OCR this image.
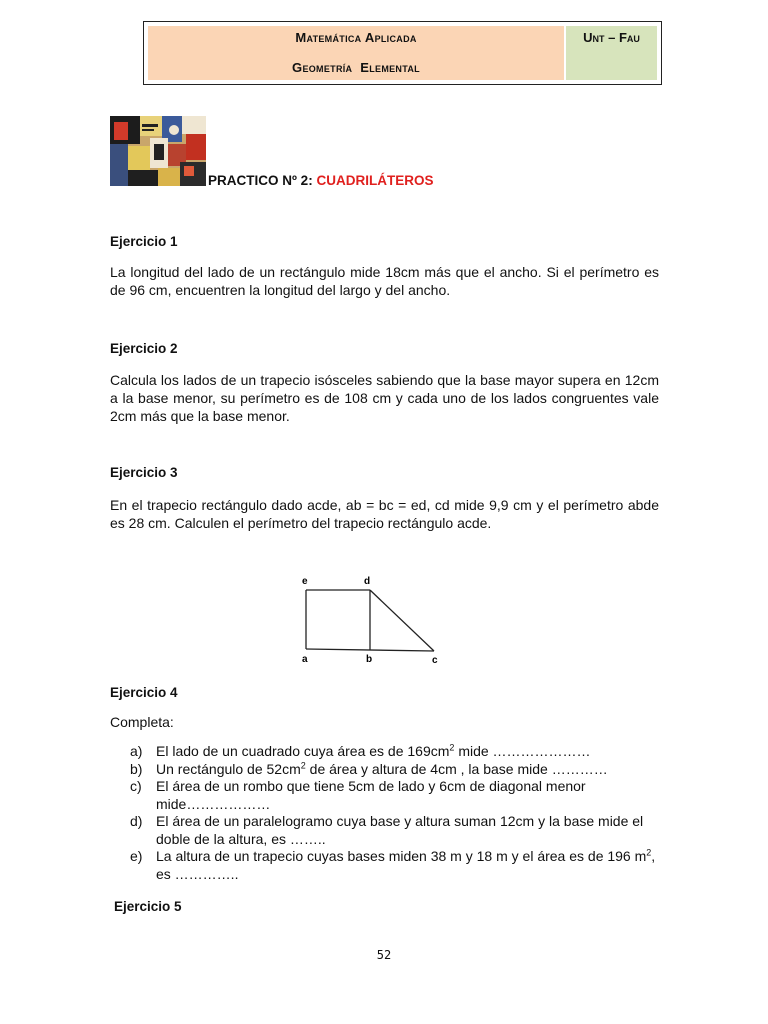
Matemática Aplicada
Geometría Elemental
Unt – Fau
PRACTICO Nº 2: CUADRILÁTEROS
Ejercicio 1

La longitud del lado de un rectángulo mide 18cm más que el ancho. Si el perímetro es de 96 cm, encuentren la longitud del largo y del ancho.

Ejercicio 2

Calcula los lados de un trapecio isósceles sabiendo que la base mayor supera en 12cm a la base menor, su perímetro es de 108 cm y cada uno de los lados congruentes vale 2cm más que la base menor.

Ejercicio 3

En el trapecio rectángulo dado acde, ab = bc = ed, cd mide 9,9 cm y el perímetro abde es 28 cm. Calculen el perímetro del trapecio rectángulo acde.

e	d
a	b	c
Ejercicio 4
Completa:
a) El lado de un cuadrado cuya área es de $169cm^2$ mide …………………
b) Un rectángulo de $52cm^2$ de área y altura de 4cm , la base mide …………
c) El área de un rombo que tiene 5cm de lado y 6cm de diagonal menor mide………………
d) El área de un paralelogramo cuya base y altura suman 12cm y la base mide el doble de la altura, es ……..
e) La altura de un trapecio cuyas bases miden 38 m y 18 m y el área es de 196 $m^2$, es …………..
Ejercicio 5
52
